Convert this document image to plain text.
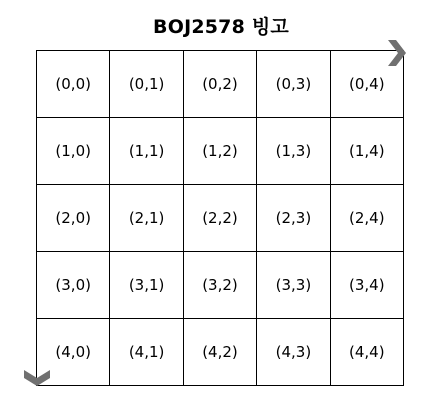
BOJ2578 빙고
(0,0)	(0,1)	(0,2)	(0,3)	(0,4)
(1,0)	(1,1)	(1,2)	(1,3)	(1,4)
(2,0)	(2,1)	(2,2)	(2,3)	(2,4)
(3,0)	(3,1)	(3,2)	(3,3)	(3,4)
(4,0)	(4,1)	(4,2)	(4,3)	(4,4)
